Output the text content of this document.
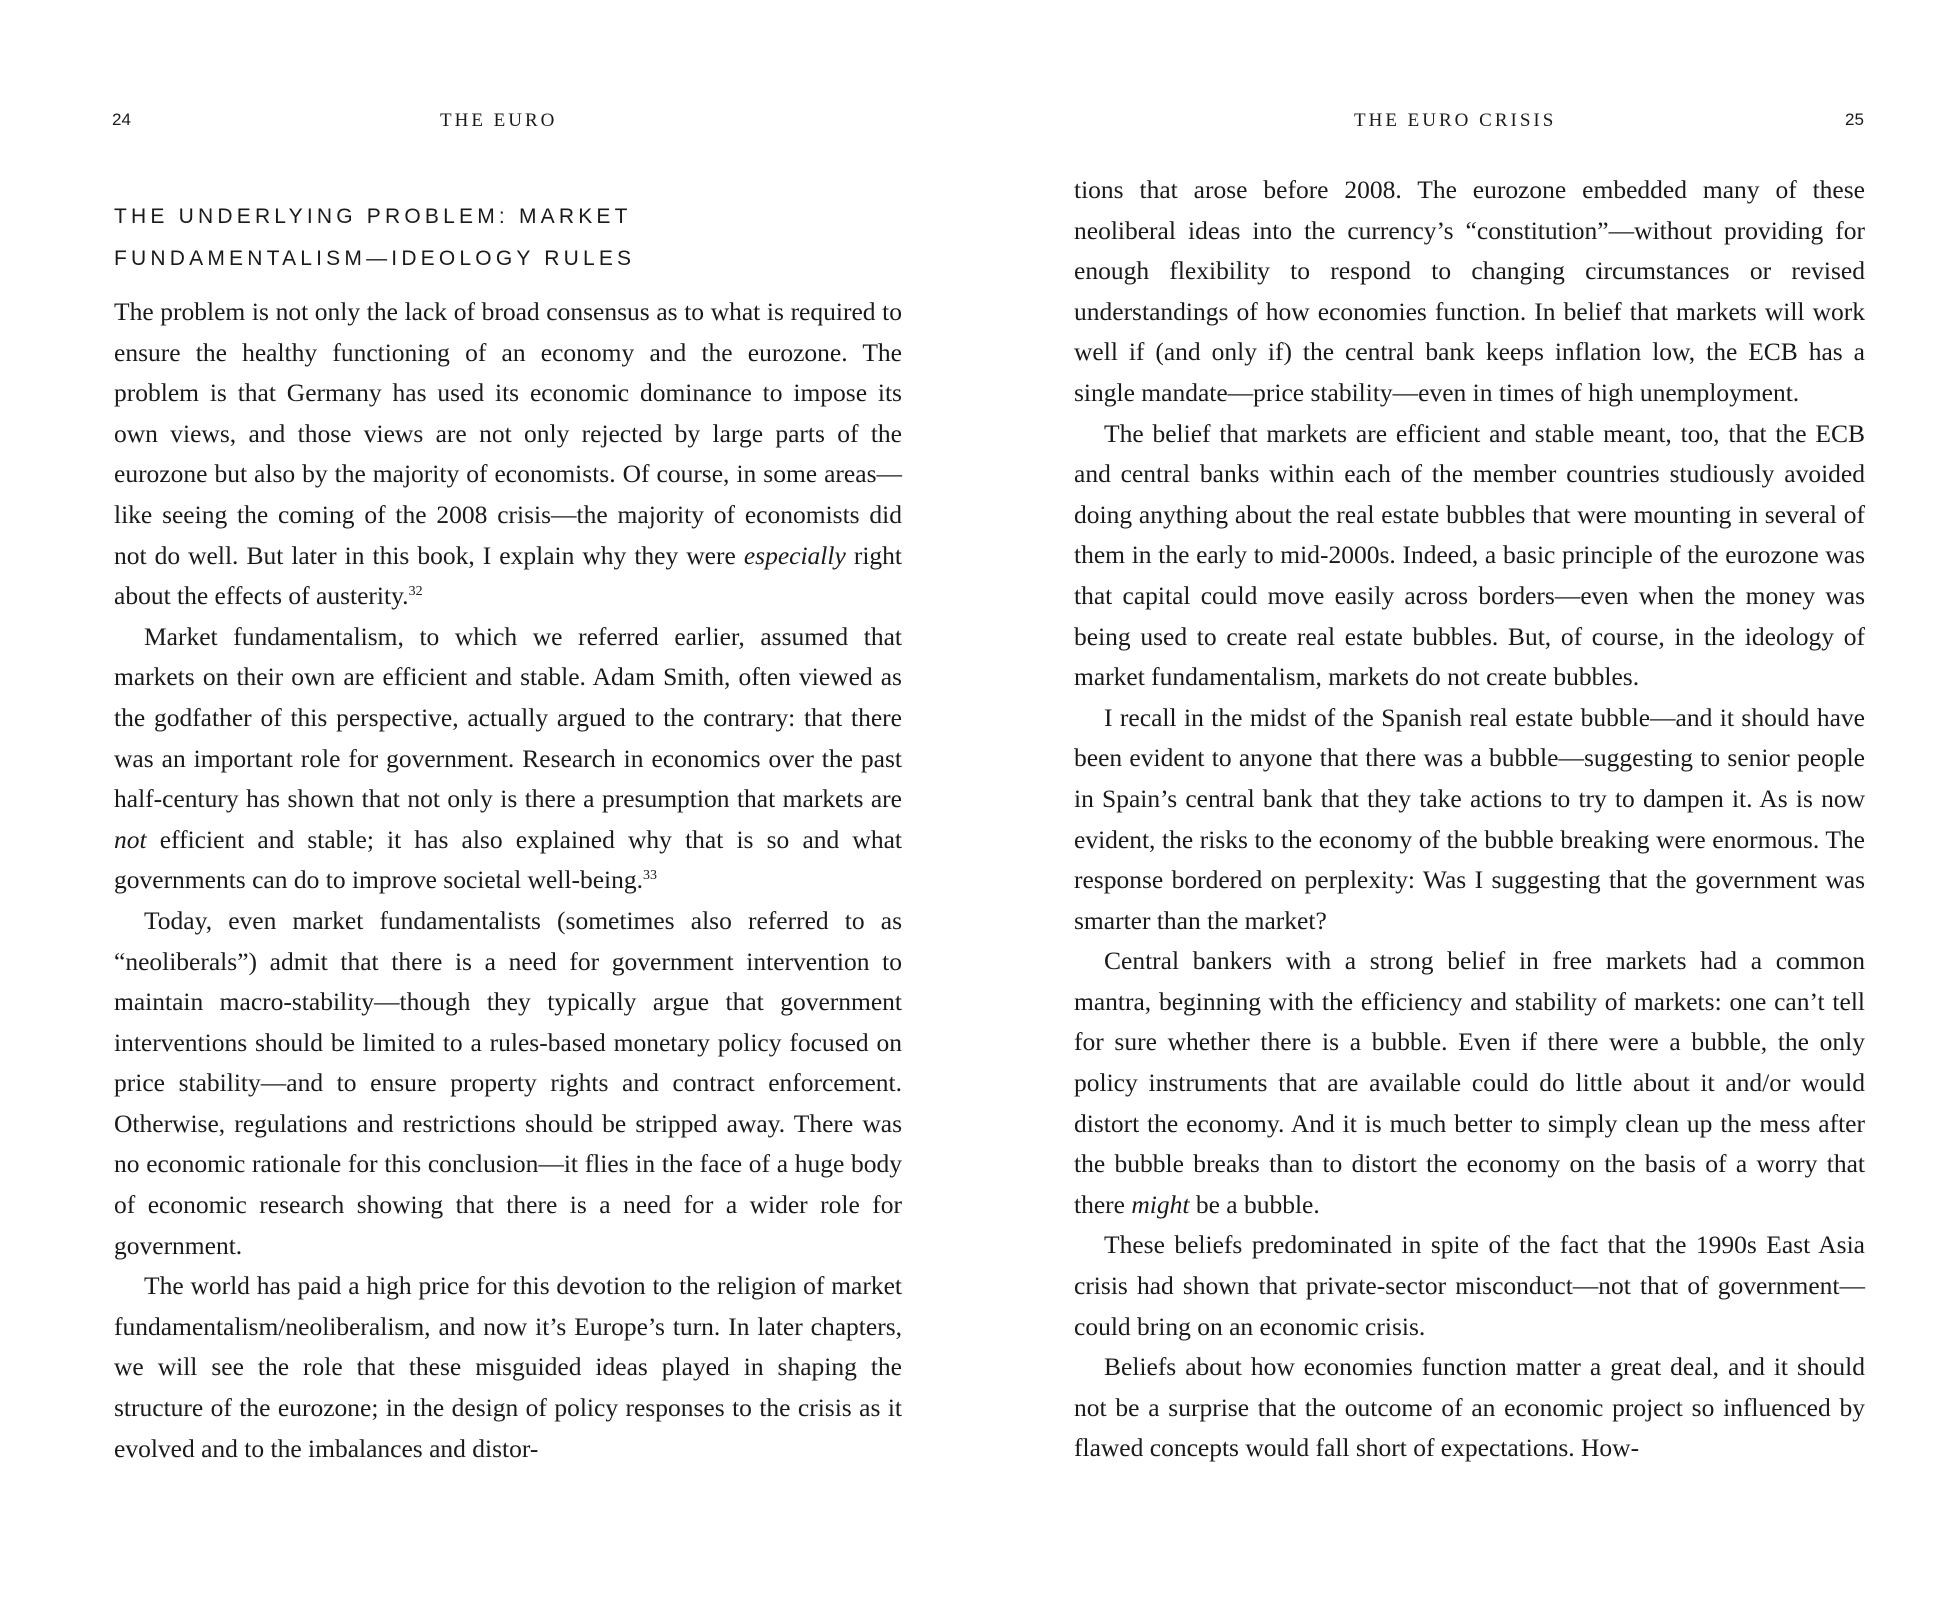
24	THE EURO
THE UNDERLYING PROBLEM: MARKET
FUNDAMENTALISM—IDEOLOGY RULES

The problem is not only the lack of broad consensus as to what is required to ensure the healthy functioning of an economy and the eurozone. The problem is that Germany has used its economic dominance to impose its own views, and those views are not only rejected by large parts of the eurozone but also by the majority of economists. Of course, in some areas—like seeing the coming of the 2008 crisis—the majority of economists did not do well. But later in this book, I explain why they were especially right about the effects of austerity.$^{32}$

Market fundamentalism, to which we referred earlier, assumed that markets on their own are efficient and stable. Adam Smith, often viewed as the godfather of this perspective, actually argued to the contrary: that there was an important role for government. Research in economics over the past half-century has shown that not only is there a presumption that markets are not efficient and stable; it has also explained why that is so and what governments can do to improve societal well-being.$^{33}$

Today, even market fundamentalists (sometimes also referred to as “neoliberals”) admit that there is a need for government intervention to maintain macro-stability—though they typically argue that government interventions should be limited to a rules-based monetary policy focused on price stability—and to ensure property rights and contract enforcement. Otherwise, regulations and restrictions should be stripped away. There was no economic rationale for this conclusion—it flies in the face of a huge body of economic research showing that there is a need for a wider role for government.

The world has paid a high price for this devotion to the religion of market fundamentalism/neoliberalism, and now it’s Europe’s turn. In later chapters, we will see the role that these misguided ideas played in shaping the structure of the eurozone; in the design of policy responses to the crisis as it evolved and to the imbalances and distor-

THE EURO CRISIS	25

tions that arose before 2008. The eurozone embedded many of these neoliberal ideas into the currency’s “constitution”—without providing for enough flexibility to respond to changing circumstances or revised understandings of how economies function. In belief that markets will work well if (and only if) the central bank keeps inflation low, the ECB has a single mandate—price stability—even in times of high unemployment.

The belief that markets are efficient and stable meant, too, that the ECB and central banks within each of the member countries studiously avoided doing anything about the real estate bubbles that were mounting in several of them in the early to mid-2000s. Indeed, a basic principle of the eurozone was that capital could move easily across borders—even when the money was being used to create real estate bubbles. But, of course, in the ideology of market fundamentalism, markets do not create bubbles.

I recall in the midst of the Spanish real estate bubble—and it should have been evident to anyone that there was a bubble—suggesting to senior people in Spain’s central bank that they take actions to try to dampen it. As is now evident, the risks to the economy of the bubble breaking were enormous. The response bordered on perplexity: Was I suggesting that the government was smarter than the market?

Central bankers with a strong belief in free markets had a common mantra, beginning with the efficiency and stability of markets: one can’t tell for sure whether there is a bubble. Even if there were a bubble, the only policy instruments that are available could do little about it and/or would distort the economy. And it is much better to simply clean up the mess after the bubble breaks than to distort the economy on the basis of a worry that there might be a bubble.

These beliefs predominated in spite of the fact that the 1990s East Asia crisis had shown that private-sector misconduct—not that of government—could bring on an economic crisis.

Beliefs about how economies function matter a great deal, and it should not be a surprise that the outcome of an economic project so influenced by flawed concepts would fall short of expectations. How-
